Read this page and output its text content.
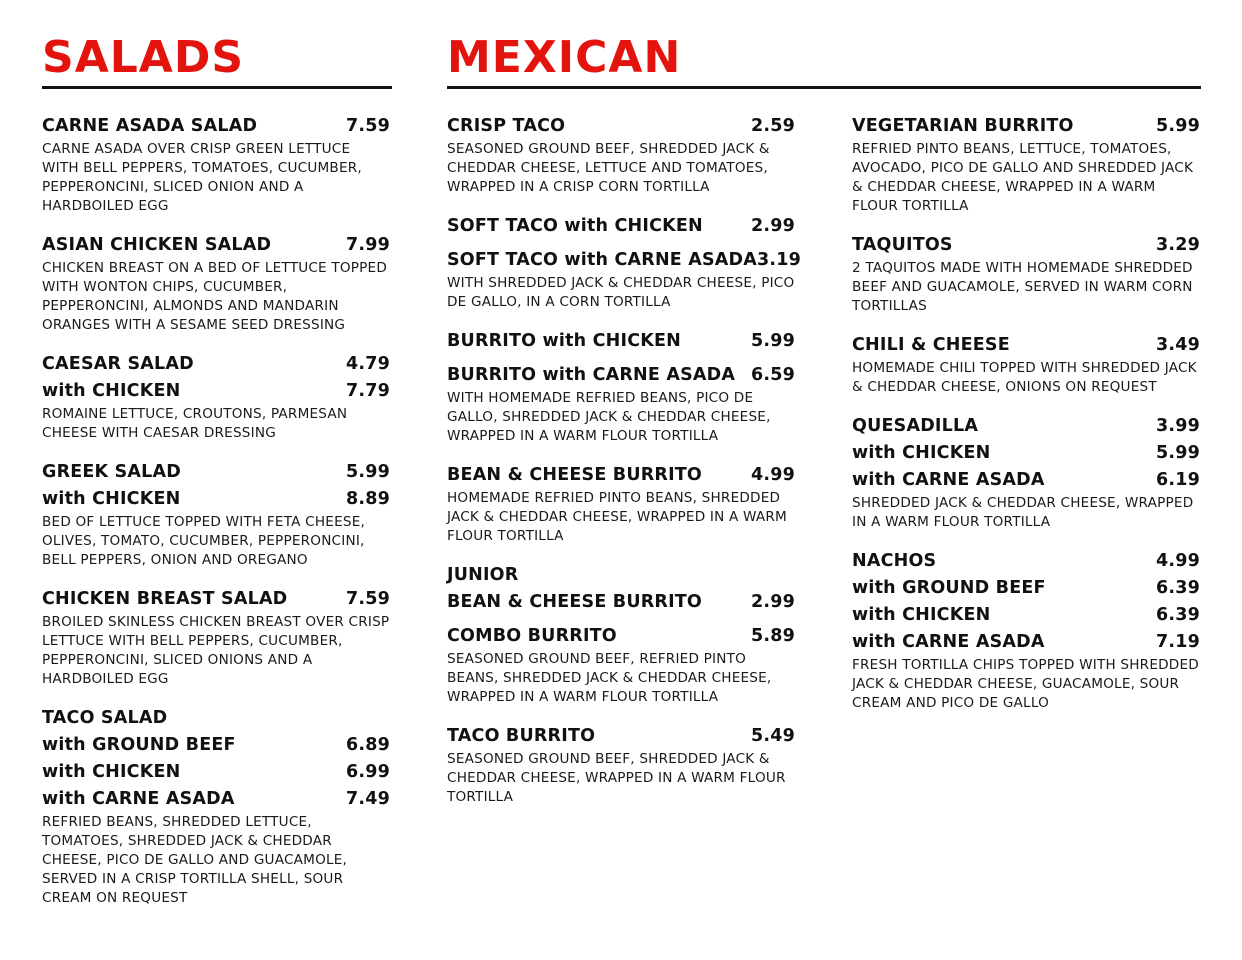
SALADS	MEXICAN
CARNE ASADA SALAD	7.59
CARNE ASADA OVER CRISP GREEN LETTUCE WITH BELL PEPPERS, TOMATOES, CUCUMBER, PEPPERONCINI, SLICED ONION AND A HARDBOILED EGG
ASIAN CHICKEN SALAD	7.99
CHICKEN BREAST ON A BED OF LETTUCE TOPPED WITH WONTON CHIPS, CUCUMBER, PEPPERONCINI, ALMONDS AND MANDARIN ORANGES WITH A SESAME SEED DRESSING
CAESAR SALAD	4.79
with CHICKEN	7.79
ROMAINE LETTUCE, CROUTONS, PARMESAN CHEESE WITH CAESAR DRESSING
GREEK SALAD	5.99
with CHICKEN	8.89
BED OF LETTUCE TOPPED WITH FETA CHEESE, OLIVES, TOMATO, CUCUMBER, PEPPERONCINI, BELL PEPPERS, ONION AND OREGANO
CHICKEN BREAST SALAD	7.59
BROILED SKINLESS CHICKEN BREAST OVER CRISP LETTUCE WITH BELL PEPPERS, CUCUMBER, PEPPERONCINI, SLICED ONIONS AND A HARDBOILED EGG
TACO SALAD
with GROUND BEEF	6.89
with CHICKEN	6.99
with CARNE ASADA	7.49
REFRIED BEANS, SHREDDED LETTUCE, TOMATOES, SHREDDED JACK & CHEDDAR CHEESE, PICO DE GALLO AND GUACAMOLE, SERVED IN A CRISP TORTILLA SHELL, SOUR CREAM ON REQUEST
CRISP TACO	2.59
SEASONED GROUND BEEF, SHREDDED JACK & CHEDDAR CHEESE, LETTUCE AND TOMATOES, WRAPPED IN A CRISP CORN TORTILLA
SOFT TACO with CHICKEN	2.99
SOFT TACO with CARNE ASADA 3.19
WITH SHREDDED JACK & CHEDDAR CHEESE, PICO DE GALLO, IN A CORN TORTILLA
BURRITO with CHICKEN	5.99
BURRITO with CARNE ASADA 6.59
WITH HOMEMADE REFRIED BEANS, PICO DE GALLO, SHREDDED JACK & CHEDDAR CHEESE, WRAPPED IN A WARM FLOUR TORTILLA
BEAN & CHEESE BURRITO	4.99
HOMEMADE REFRIED PINTO BEANS, SHREDDED JACK & CHEDDAR CHEESE, WRAPPED IN A WARM FLOUR TORTILLA
JUNIOR
BEAN & CHEESE BURRITO	2.99
COMBO BURRITO	5.89
SEASONED GROUND BEEF, REFRIED PINTO BEANS, SHREDDED JACK & CHEDDAR CHEESE, WRAPPED IN A WARM FLOUR TORTILLA
TACO BURRITO	5.49
SEASONED GROUND BEEF, SHREDDED JACK & CHEDDAR CHEESE, WRAPPED IN A WARM FLOUR TORTILLA
VEGETARIAN BURRITO	5.99
REFRIED PINTO BEANS, LETTUCE, TOMATOES, AVOCADO, PICO DE GALLO AND SHREDDED JACK & CHEDDAR CHEESE, WRAPPED IN A WARM FLOUR TORTILLA
TAQUITOS	3.29
2 TAQUITOS MADE WITH HOMEMADE SHREDDED BEEF AND GUACAMOLE, SERVED IN WARM CORN TORTILLAS
CHILI & CHEESE	3.49
HOMEMADE CHILI TOPPED WITH SHREDDED JACK & CHEDDAR CHEESE, ONIONS ON REQUEST
QUESADILLA	3.99
with CHICKEN	5.99
with CARNE ASADA	6.19
SHREDDED JACK & CHEDDAR CHEESE, WRAPPED IN A WARM FLOUR TORTILLA
NACHOS	4.99
with GROUND BEEF	6.39
with CHICKEN	6.39
with CARNE ASADA	7.19
FRESH TORTILLA CHIPS TOPPED WITH SHREDDED JACK & CHEDDAR CHEESE, GUACAMOLE, SOUR CREAM AND PICO DE GALLO
